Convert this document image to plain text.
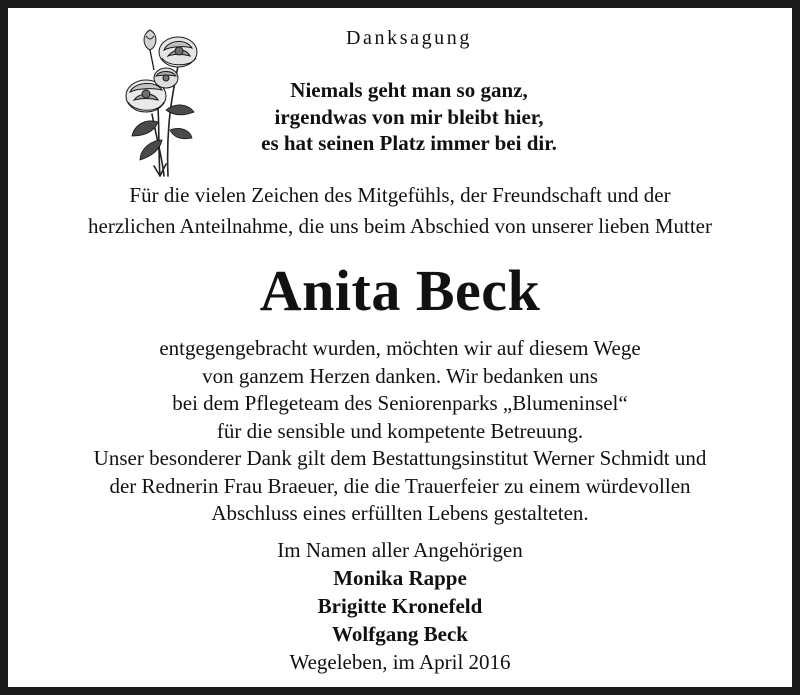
Danksagung
Niemals geht man so ganz,
irgendwas von mir bleibt hier,
es hat seinen Platz immer bei dir.
Für die vielen Zeichen des Mitgefühls, der Freundschaft und der
herzlichen Anteilnahme, die uns beim Abschied von unserer lieben Mutter
Anita Beck
entgegengebracht wurden, möchten wir auf diesem Wege
von ganzem Herzen danken. Wir bedanken uns
bei dem Pflegeteam des Seniorenparks „Blumeninsel“
für die sensible und kompetente Betreuung.
Unser besonderer Dank gilt dem Bestattungsinstitut Werner Schmidt und
der Rednerin Frau Braeuer, die die Trauerfeier zu einem würdevollen
Abschluss eines erfüllten Lebens gestalteten.
Im Namen aller Angehörigen
Monika Rappe
Brigitte Kronefeld
Wolfgang Beck
Wegeleben, im April 2016
